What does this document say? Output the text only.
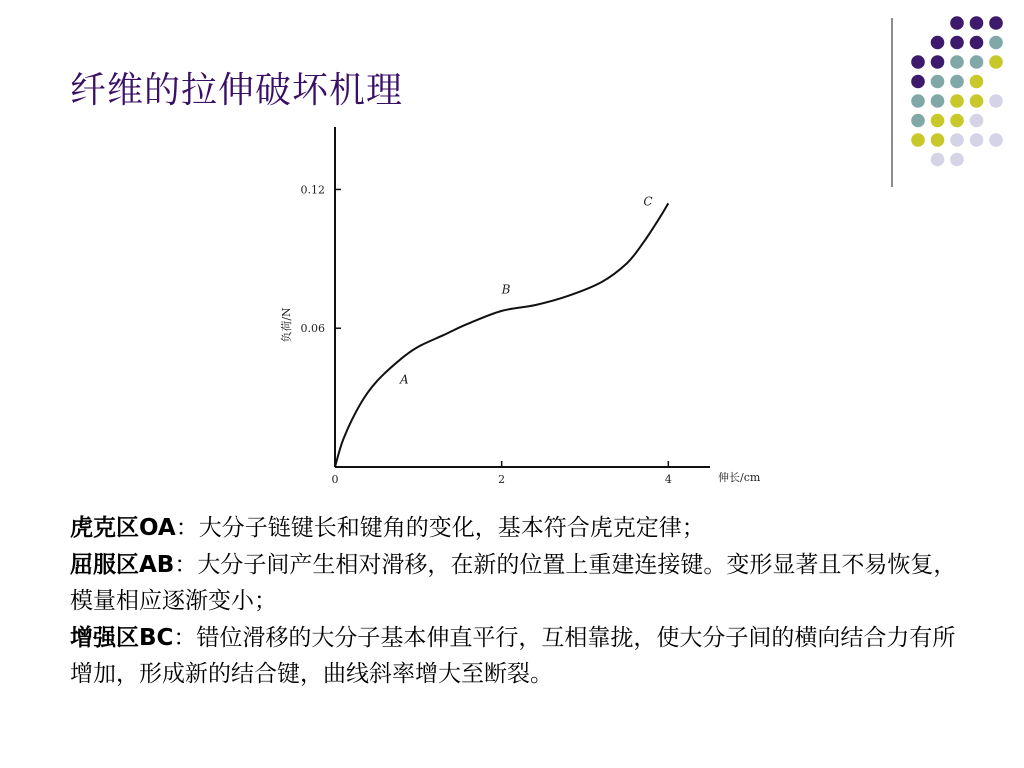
纤维的拉伸破坏机理
0.06
0.12
0	2	4
A
B
C
负荷/N
伸长/cm

虎克区OA：大分子链键长和键角的变化，基本符合虎克定律；

屈服区AB：大分子间产生相对滑移，在新的位置上重建连接键。变形显著且不易恢复， 模量相应逐渐变小；

增强区BC：错位滑移的大分子基本伸直平行，互相靠拢，使大分子间的横向结合力有所增加，形成新的结合键，曲线斜率增大至断裂。
